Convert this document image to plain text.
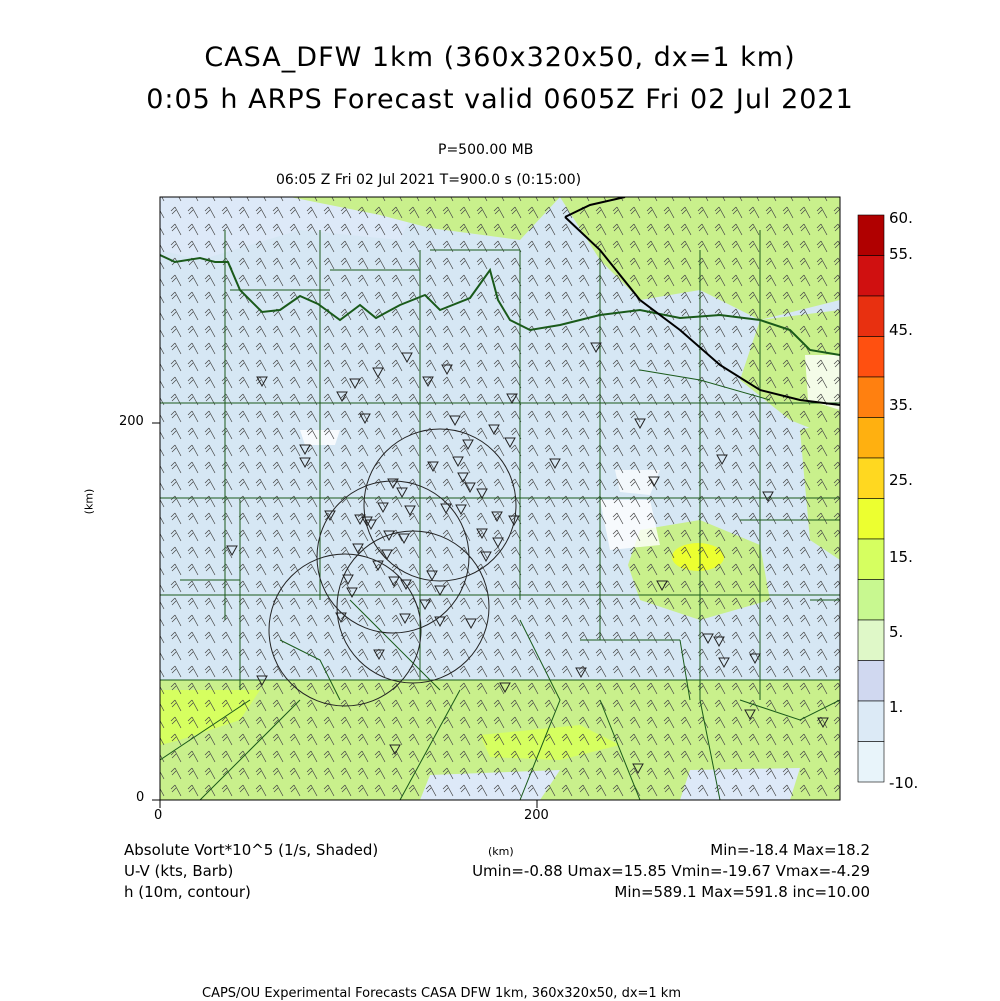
CASA_DFW 1km (360x320x50, dx=1 km)
0:05 h ARPS Forecast valid 0605Z Fri 02 Jul 2021
P=500.00 MB
06:05 Z Fri 02 Jul 2021 T=900.0 s (0:15:00)
0
200
0	200
(km)
(km)
60.
55.
45.
35.
25.
15.
5.
1.
-10.
Absolute Vort*10^5 (1/s, Shaded)
U-V (kts, Barb)
h (10m, contour)
Min=-18.4 Max=18.2
Umin=-0.88 Umax=15.85 Vmin=-19.67 Vmax=-4.29
Min=589.1 Max=591.8 inc=10.00
CAPS/OU Experimental Forecasts CASA DFW 1km, 360x320x50, dx=1 km
